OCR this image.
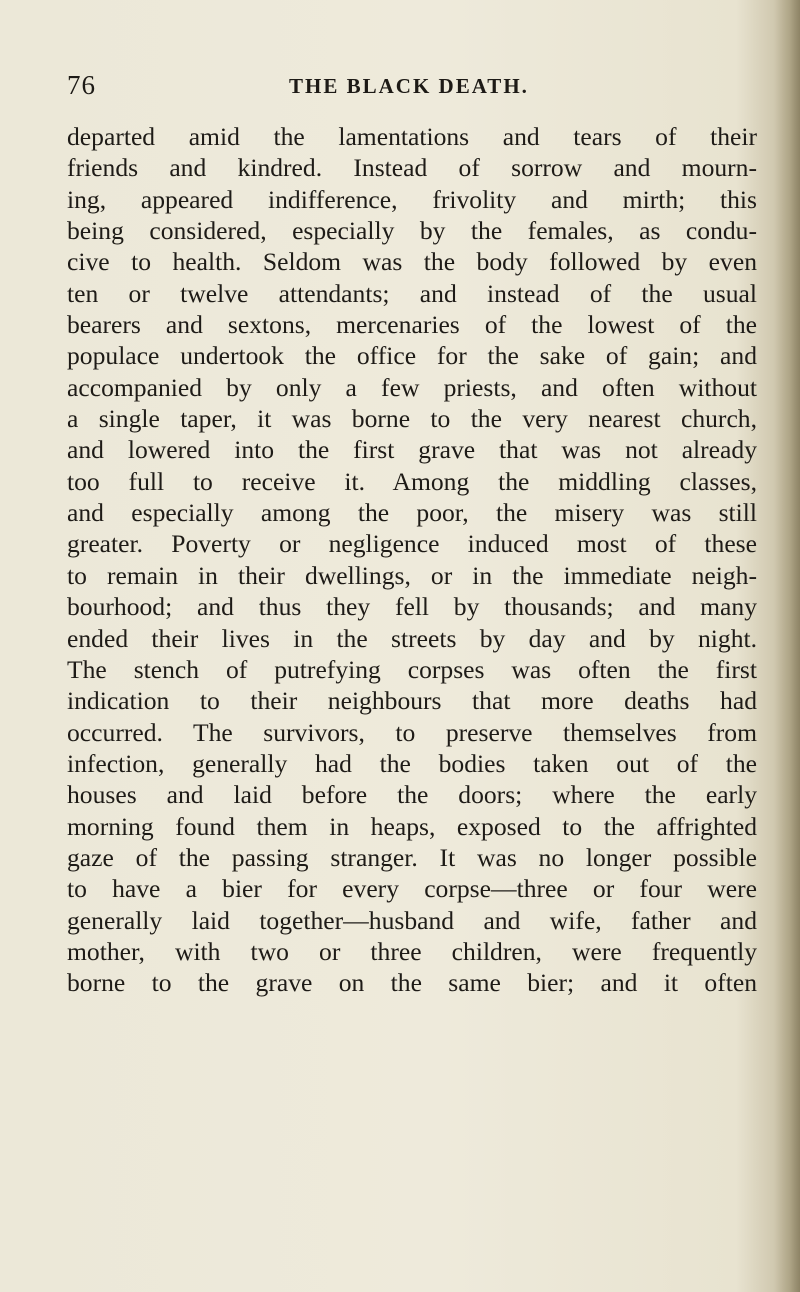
76	THE BLACK DEATH.
departed amid the lamentations and tears of their
friends and kindred. Instead of sorrow and mourn-
ing, appeared indifference, frivolity and mirth; this
being considered, especially by the females, as condu-
cive to health. Seldom was the body followed by even
ten or twelve attendants; and instead of the usual
bearers and sextons, mercenaries of the lowest of the
populace undertook the office for the sake of gain; and
accompanied by only a few priests, and often without
a single taper, it was borne to the very nearest church,
and lowered into the first grave that was not already
too full to receive it. Among the middling classes,
and especially among the poor, the misery was still
greater. Poverty or negligence induced most of these
to remain in their dwellings, or in the immediate neigh-
bourhood; and thus they fell by thousands; and many
ended their lives in the streets by day and by night.
The stench of putrefying corpses was often the first
indication to their neighbours that more deaths had
occurred. The survivors, to preserve themselves from
infection, generally had the bodies taken out of the
houses and laid before the doors; where the early
morning found them in heaps, exposed to the affrighted
gaze of the passing stranger. It was no longer possible
to have a bier for every corpse—three or four were
generally laid together—husband and wife, father and
mother, with two or three children, were frequently
borne to the grave on the same bier; and it often
